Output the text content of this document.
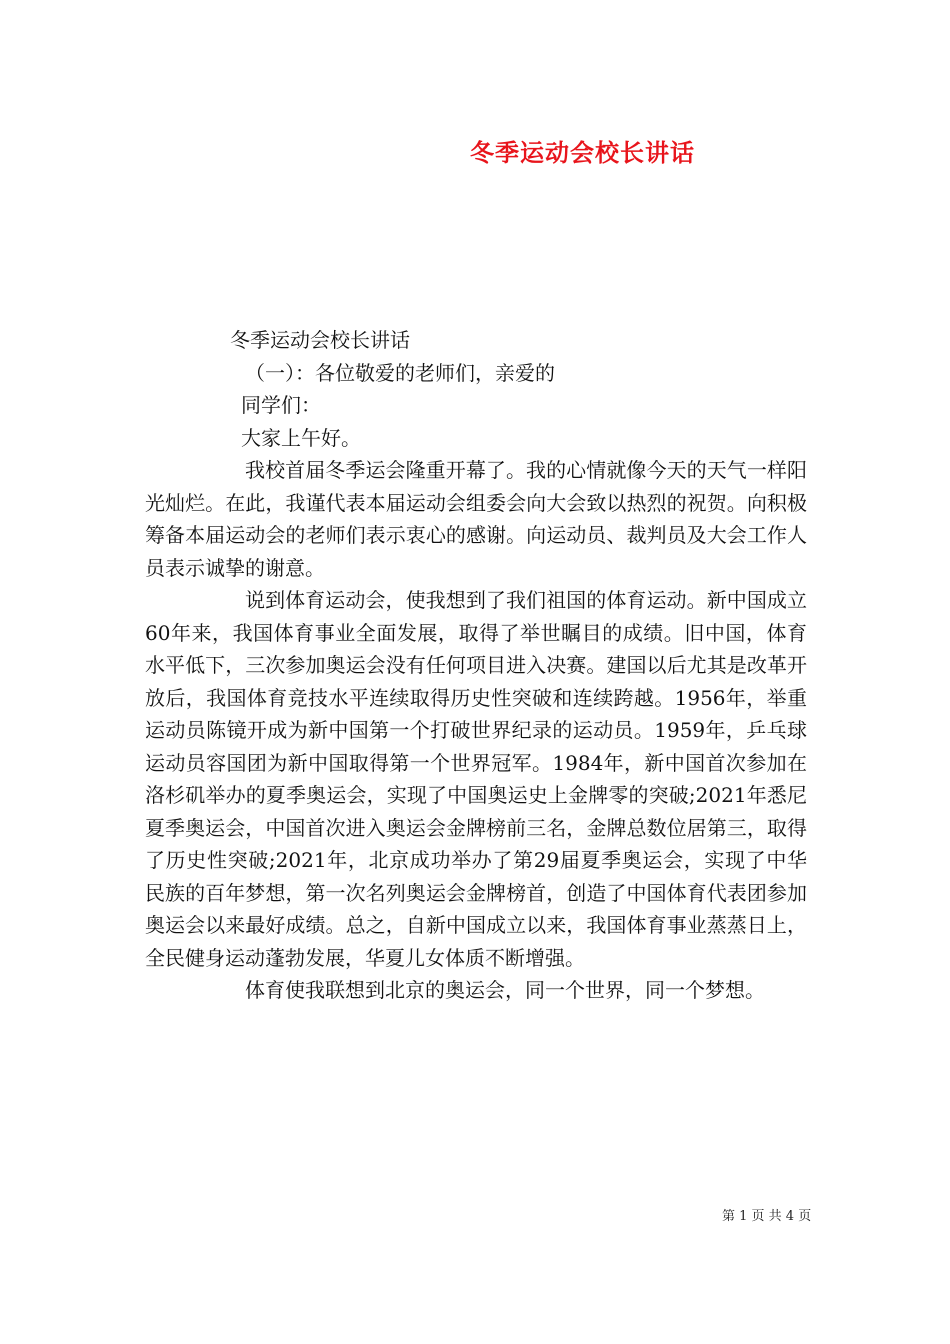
冬季运动会校长讲话
冬季运动会校长讲话
（一）：各位敬爱的老师们，亲爱的
同学们：
大家上午好。

我校首届冬季运会隆重开幕了。我的心情就像今天的天气一样阳光灿烂。在此，我谨代表本届运动会组委会向大会致以热烈的祝贺。向积极筹备本届运动会的老师们表示衷心的感谢。向运动员、裁判员及大会工作人员表示诚挚的谢意。

说到体育运动会，使我想到了我们祖国的体育运动。新中国成立60年来，我国体育事业全面发展，取得了举世瞩目的成绩。旧中国，体育水平低下，三次参加奥运会没有任何项目进入决赛。建国以后尤其是改革开放后，我国体育竞技水平连续取得历史性突破和连续跨越。1956年，举重运动员陈镜开成为新中国第一个打破世界纪录的运动员。1959年，乒乓球运动员容国团为新中国取得第一个世界冠军。1984年，新中国首次参加在洛杉矶举办的夏季奥运会，实现了中国奥运史上金牌零的突破;2021年悉尼夏季奥运会，中国首次进入奥运会金牌榜前三名，金牌总数位居第三，取得了历史性突破;2021年，北京成功举办了第29届夏季奥运会，实现了中华民族的百年梦想，第一次名列奥运会金牌榜首，创造了中国体育代表团参加奥运会以来最好成绩。总之，自新中国成立以来，我国体育事业蒸蒸日上，全民健身运动蓬勃发展，华夏儿女体质不断增强。

体育使我联想到北京的奥运会，同一个世界，同一个梦想。

第 1 页 共 4 页
